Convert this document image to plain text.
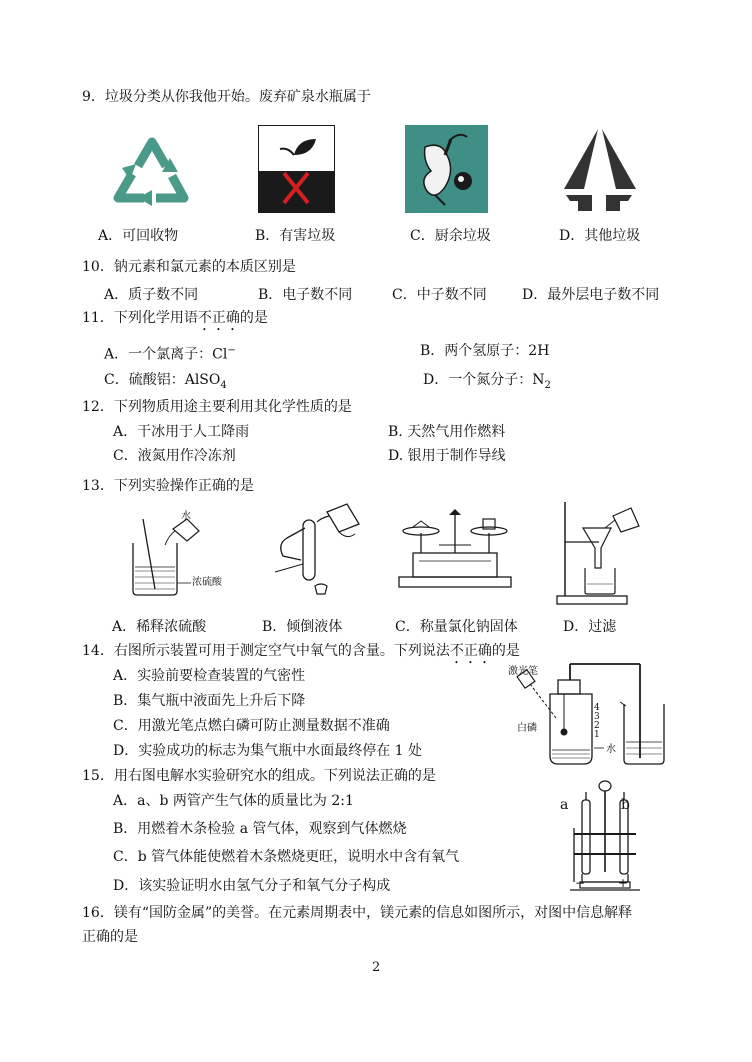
9．垃圾分类从你我他开始。废弃矿泉水瓶属于
A．可回收物	B．有害垃圾	C．厨余垃圾	D．其他垃圾
10．钠元素和氯元素的本质区别是
A．质子数不同	B．电子数不同	C．中子数不同	D．最外层电子数不同
11．下列化学用语不正确的是
A．一个氯离子：Cl−	B．两个氢原子：2H
C．硫酸铝：AlSO$_4$	D．一个氮分子：$N_2$
12．下列物质用途主要利用其化学性质的是
A．干冰用于人工降雨	B. 天然气用作燃料
C．液氮用作冷冻剂	D. 银用于制作导线
13．下列实验操作正确的是
水
浓硫酸
A．稀释浓硫酸	B．倾倒液体	C．称量氯化钠固体	D．过滤
14．右图所示装置可用于测定空气中氧气的含量。下列说法不正确的是
A．实验前要检查装置的气密性
B．集气瓶中液面先上升后下降
C．用激光笔点燃白磷可防止测量数据不准确
D．实验成功的标志为集气瓶中水面最终停在 1 处
激光笔
白磷
水
4
3
2
1
15．用右图电解水实验研究水的组成。下列说法正确的是
A．a、b 两管产生气体的质量比为 2:1
B．用燃着木条检验 a 管气体，观察到气体燃烧
C．b 管气体能使燃着木条燃烧更旺，说明水中含有氧气
D．该实验证明水由氢气分子和氧气分子构成
a	b
−	+
16．镁有“国防金属”的美誉。在元素周期表中，镁元素的信息如图所示，对图中信息解释
正确的是
2
